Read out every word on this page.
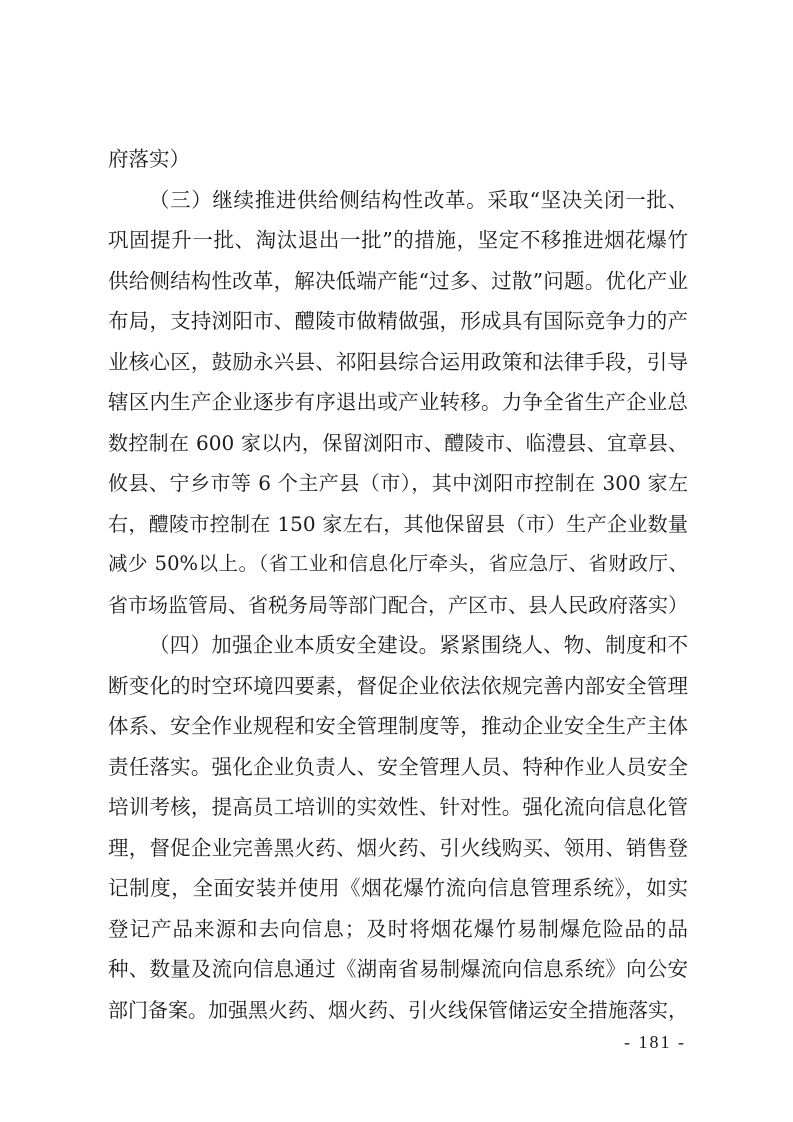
府落实）
（三）继续推进供给侧结构性改革。采取“坚决关闭一批、
巩固提升一批、淘汰退出一批”的措施，坚定不移推进烟花爆竹
供给侧结构性改革，解决低端产能“过多、过散”问题。优化产业
布局，支持浏阳市、醴陵市做精做强，形成具有国际竞争力的产
业核心区，鼓励永兴县、祁阳县综合运用政策和法律手段，引导
辖区内生产企业逐步有序退出或产业转移。力争全省生产企业总
数控制在 600 家以内，保留浏阳市、醴陵市、临澧县、宜章县、
攸县、宁乡市等 6 个主产县（市），其中浏阳市控制在 300 家左
右，醴陵市控制在 150 家左右，其他保留县（市）生产企业数量
减少 50%以上。（省工业和信息化厅牵头，省应急厅、省财政厅、
省市场监管局、省税务局等部门配合，产区市、县人民政府落实）
（四）加强企业本质安全建设。紧紧围绕人、物、制度和不
断变化的时空环境四要素，督促企业依法依规完善内部安全管理
体系、安全作业规程和安全管理制度等，推动企业安全生产主体
责任落实。强化企业负责人、安全管理人员、特种作业人员安全
培训考核，提高员工培训的实效性、针对性。强化流向信息化管
理，督促企业完善黑火药、烟火药、引火线购买、领用、销售登
记制度，全面安装并使用《烟花爆竹流向信息管理系统》，如实
登记产品来源和去向信息；及时将烟花爆竹易制爆危险品的品
种、数量及流向信息通过《湖南省易制爆流向信息系统》向公安
部门备案。加强黑火药、烟火药、引火线保管储运安全措施落实，
- 181 -
